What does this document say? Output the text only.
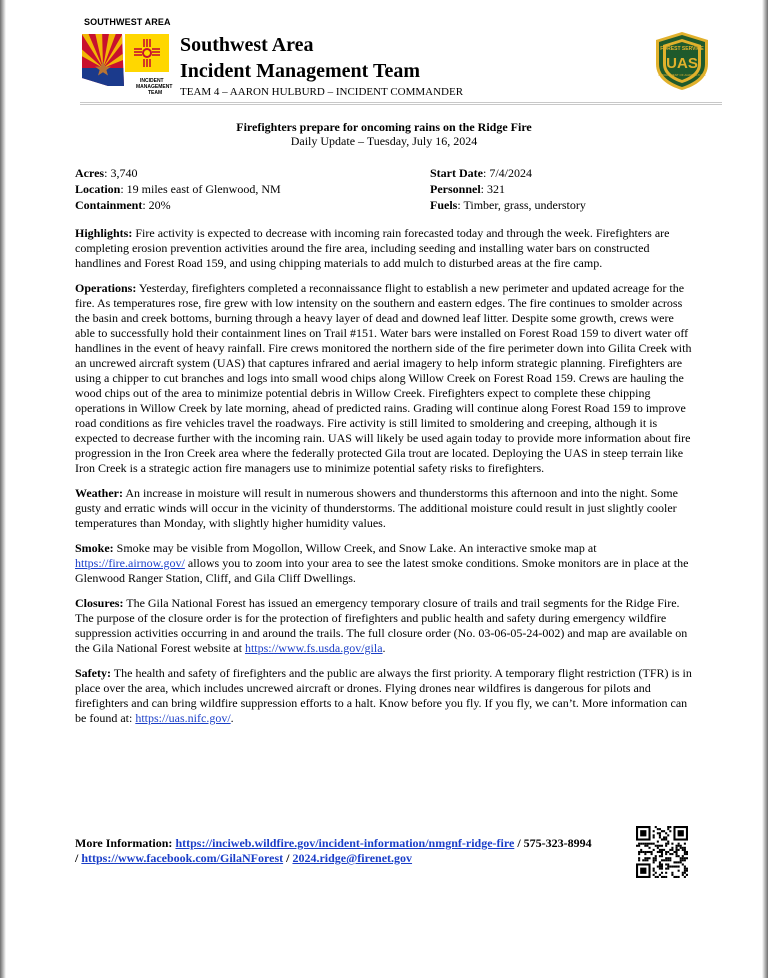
SOUTHWEST AREA
INCIDENT
MANAGEMENT
TEAM
Southwest Area
Incident Management Team
TEAM 4 – AARON HULBURD – INCIDENT COMMANDER
FOREST SERVICE
UAS
DEPARTMENT OF AGRICULTURE
Firefighters prepare for oncoming rains on the Ridge Fire
Daily Update – Tuesday, July 16, 2024
Acres: 3,740
Location: 19 miles east of Glenwood, NM
Containment: 20%
Start Date: 7/4/2024
Personnel: 321
Fuels: Timber, grass, understory

Highlights: Fire activity is expected to decrease with incoming rain forecasted today and through the week. Firefighters are completing erosion prevention activities around the fire area, including seeding and installing water bars on constructed handlines and Forest Road 159, and using chipping materials to add mulch to disturbed areas at the fire camp.

Operations: Yesterday, firefighters completed a reconnaissance flight to establish a new perimeter and updated acreage for the fire. As temperatures rose, fire grew with low intensity on the southern and eastern edges. The fire continues to smolder across the basin and creek bottoms, burning through a heavy layer of dead and downed leaf litter. Despite some growth, crews were able to successfully hold their containment lines on Trail #151. Water bars were installed on Forest Road 159 to divert water off handlines in the event of heavy rainfall. Fire crews monitored the northern side of the fire perimeter down into Gilita Creek with an uncrewed aircraft system (UAS) that captures infrared and aerial imagery to help inform strategic planning. Firefighters are using a chipper to cut branches and logs into small wood chips along Willow Creek on Forest Road 159. Crews are hauling the wood chips out of the area to minimize potential debris in Willow Creek. Firefighters expect to complete these chipping operations in Willow Creek by late morning, ahead of predicted rains. Grading will continue along Forest Road 159 to improve road conditions as fire vehicles travel the roadways. Fire activity is still limited to smoldering and creeping, although it is expected to decrease further with the incoming rain. UAS will likely be used again today to provide more information about fire progression in the Iron Creek area where the federally protected Gila trout are located. Deploying the UAS in steep terrain like Iron Creek is a strategic action fire managers use to minimize potential safety risks to firefighters.

Weather: An increase in moisture will result in numerous showers and thunderstorms this afternoon and into the night. Some gusty and erratic winds will occur in the vicinity of thunderstorms. The additional moisture could result in just slightly cooler temperatures than Monday, with slightly higher humidity values.

Smoke: Smoke may be visible from Mogollon, Willow Creek, and Snow Lake. An interactive smoke map at https://fire.airnow.gov/ allows you to zoom into your area to see the latest smoke conditions. Smoke monitors are in place at the Glenwood Ranger Station, Cliff, and Gila Cliff Dwellings.

Closures: The Gila National Forest has issued an emergency temporary closure of trails and trail segments for the Ridge Fire. The purpose of the closure order is for the protection of firefighters and public health and safety during emergency wildfire suppression activities occurring in and around the trails. The full closure order (No. 03-06-05-24-002) and map are available on the Gila National Forest website at https://www.fs.usda.gov/gila.

Safety: The health and safety of firefighters and the public are always the first priority. A temporary flight restriction (TFR) is in place over the area, which includes uncrewed aircraft or drones. Flying drones near wildfires is dangerous for pilots and firefighters and can bring wildfire suppression efforts to a halt. Know before you fly. If you fly, we can’t. More information can be found at: https://uas.nifc.gov/.

More Information: https://inciweb.wildfire.gov/incident-information/nmgnf-ridge-fire / 575-323-8994 / https://www.facebook.com/GilaNForest / 2024.ridge@firenet.gov
